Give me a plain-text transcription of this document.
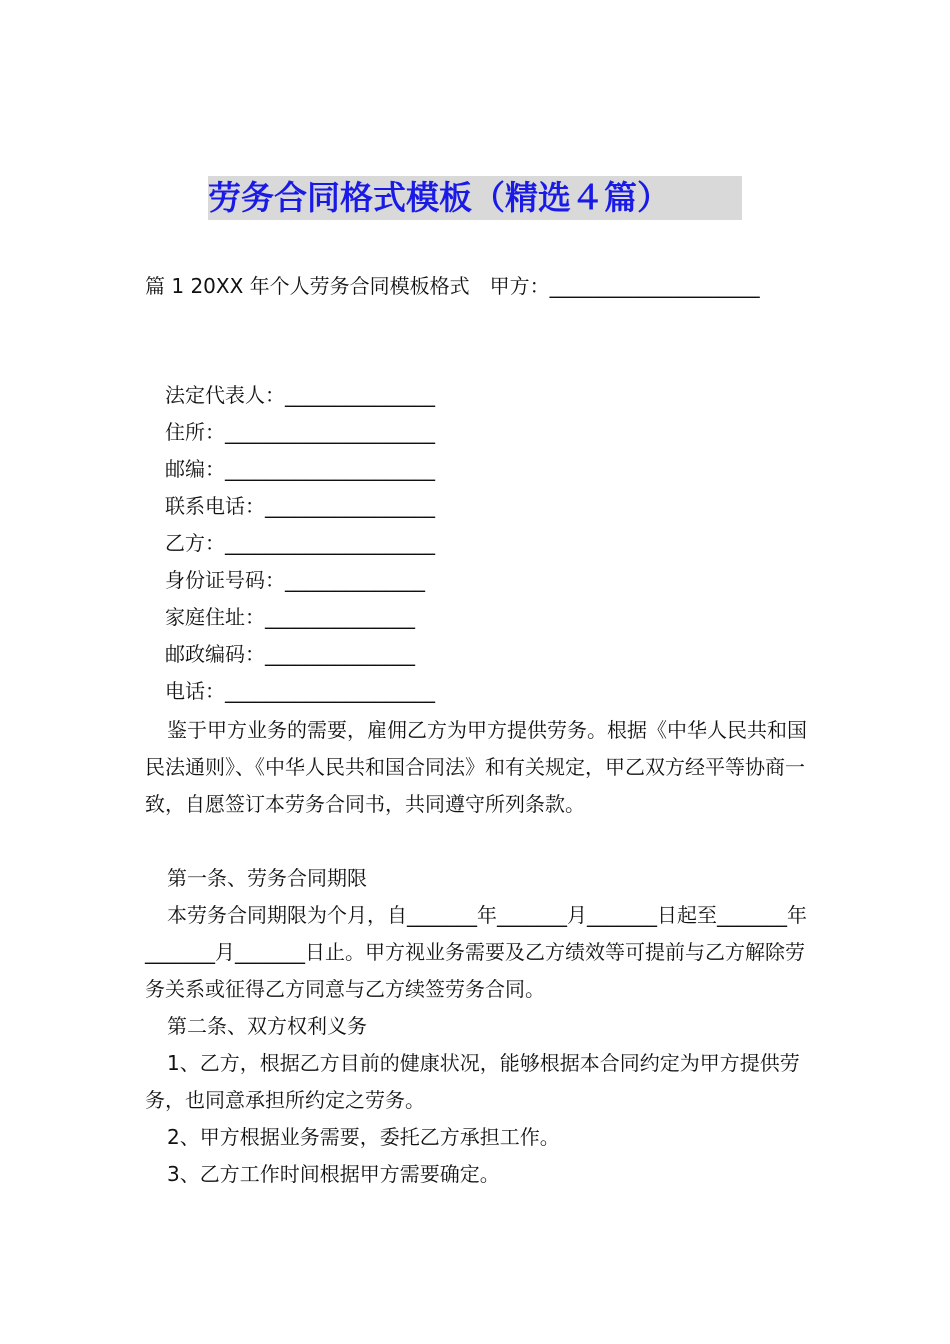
劳务合同格式模板（精选４篇）
篇 1 20XX 年个人劳务合同模板格式　甲方：_____________________
法定代表人：_______________
住所：_____________________
邮编：_____________________
联系电话：_________________
乙方：_____________________
身份证号码：______________
家庭住址：_______________
邮政编码：_______________
电话：_____________________
鉴于甲方业务的需要，雇佣乙方为甲方提供劳务。根据《中华人民共和国民法通则》、《中华人民共和国合同法》和有关规定，甲乙双方经平等协商一致，自愿签订本劳务合同书，共同遵守所列条款。
第一条、劳务合同期限
本劳务合同期限为个月，自_______年_______月_______日起至_______年_______月_______日止。甲方视业务需要及乙方绩效等可提前与乙方解除劳务关系或征得乙方同意与乙方续签劳务合同。
第二条、双方权利义务
1、乙方，根据乙方目前的健康状况，能够根据本合同约定为甲方提供劳务，也同意承担所约定之劳务。
2、甲方根据业务需要，委托乙方承担工作。
3、乙方工作时间根据甲方需要确定。
